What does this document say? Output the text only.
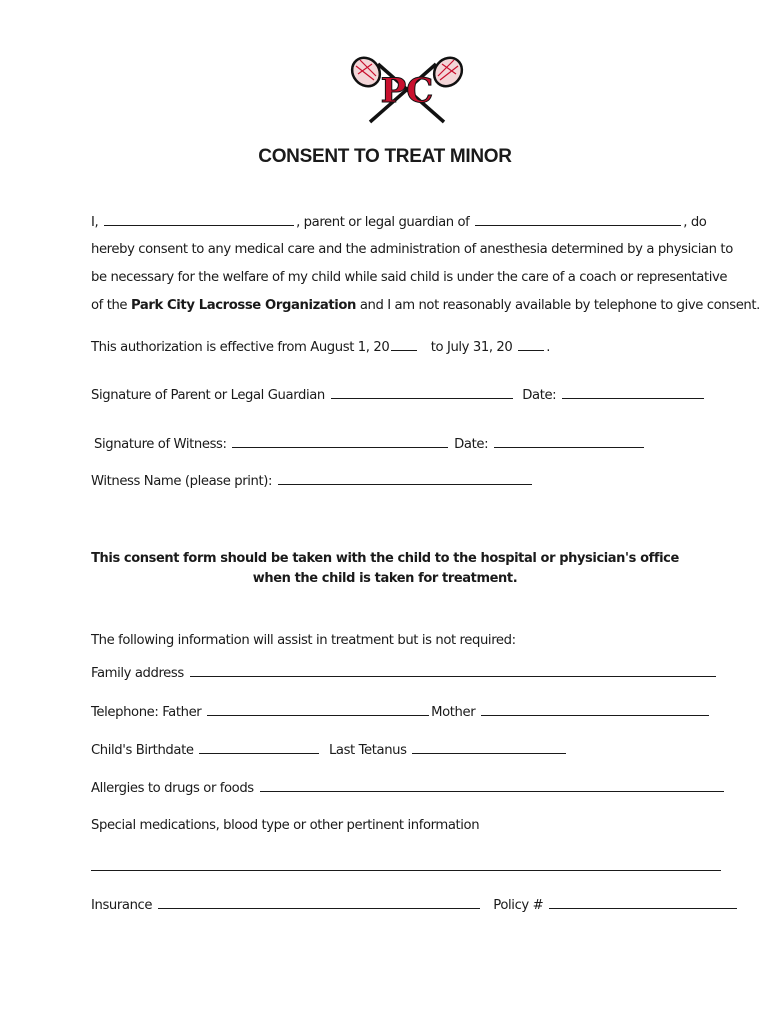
PC
CONSENT TO TREAT MINOR
I,	, parent or legal guardian of	, do
hereby consent to any medical care and the administration of anesthesia determined by a physician to
be necessary for the welfare of my child while said child is under the care of a coach or representative
of the Park City Lacrosse Organization and I am not reasonably available by telephone to give consent.
This authorization is effective from August 1, 20	to July 31, 20	.
Signature of Parent or Legal Guardian	Date:
Signature of Witness:	Date:
Witness Name (please print):
This consent form should be taken with the child to the hospital or physician's office
when the child is taken for treatment.
The following information will assist in treatment but is not required:
Family address
Telephone: Father	Mother
Child's Birthdate	Last Tetanus
Allergies to drugs or foods
Special medications, blood type or other pertinent information
Insurance	Policy #
